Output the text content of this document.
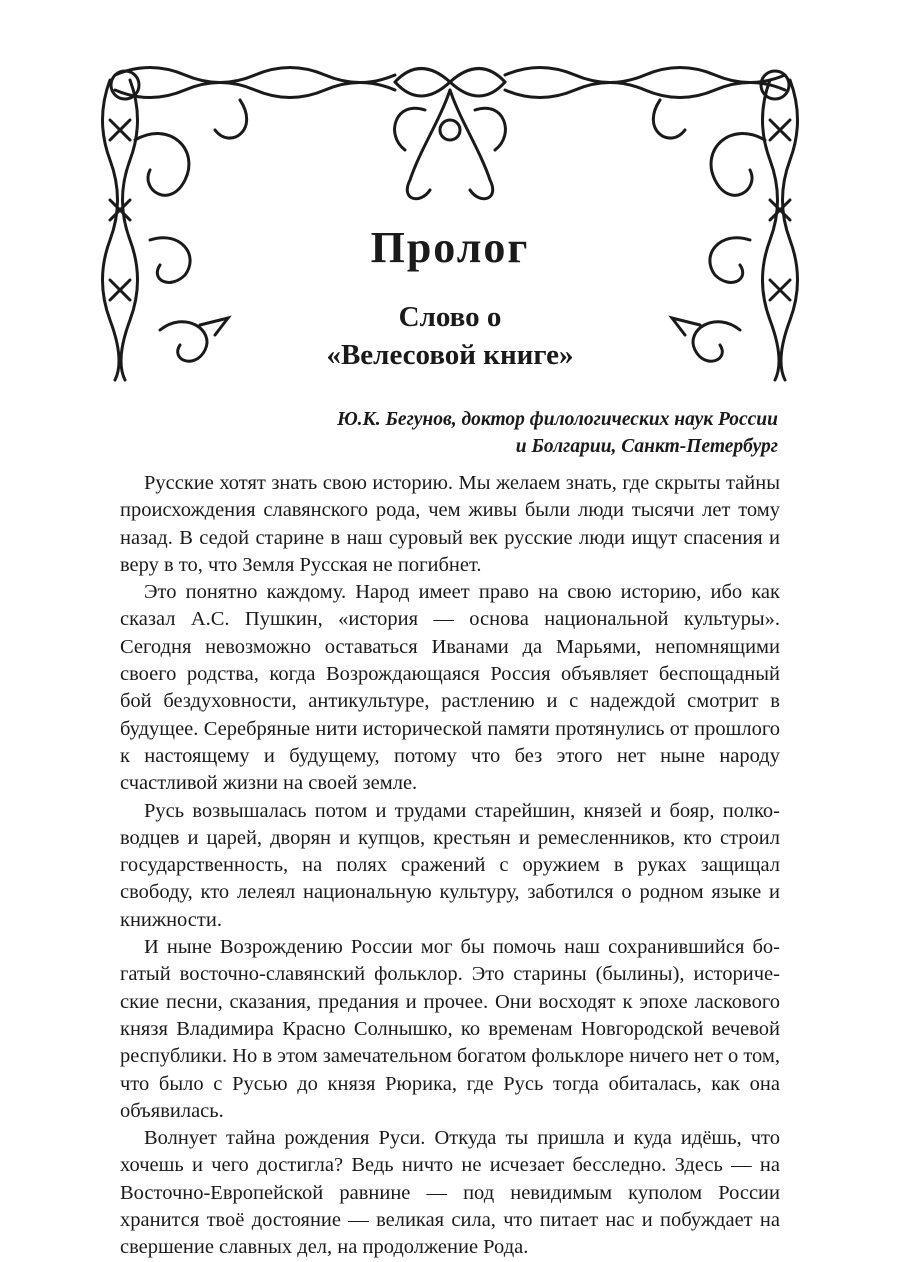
Пролог
Слово о
«Велесовой книге»
Ю.К. Бегунов, доктор филологических наук России
и Болгарии, Санкт-Петербург

Русские хотят знать свою историю. Мы желаем знать, где скрыты тайны происхождения славянского рода, чем живы были люди тысячи лет тому назад. В седой старине в наш суровый век русские люди ищут спасения и веру в то, что Земля Русская не погибнет.

Это понятно каждому. Народ имеет право на свою историю, ибо как сказал А.С. Пушкин, «история — основа национальной культуры». Сегодня невозможно оставаться Иванами да Марьями, непомнящими своего родства, когда Возрождающаяся Россия объявляет беспощадный бой бездуховности, антикультуре, растлению и с надеждой смотрит в будущее. Серебряные нити исторической памяти протянулись от прошлого к настоящему и будущему, потому что без этого нет ныне народу счастливой жизни на своей земле.

Русь возвышалась потом и трудами старейшин, князей и бояр, полководцев и царей, дворян и купцов, крестьян и ремесленников, кто строил государственность, на полях сражений с оружием в руках защищал свободу, кто лелеял национальную культуру, заботился о родном языке и книжности.

И ныне Возрождению России мог бы помочь наш сохранившийся богатый восточно-славянский фольклор. Это старины (былины), исторические песни, сказания, предания и прочее. Они восходят к эпохе ласкового князя Владимира Красно Солнышко, ко временам Новгородской вечевой республики. Но в этом замечательном богатом фольклоре ничего нет о том, что было с Русью до князя Рюрика, где Русь тогда обиталась, как она объявилась.

Волнует тайна рождения Руси. Откуда ты пришла и куда идёшь, что хочешь и чего достигла? Ведь ничто не исчезает бесследно. Здесь — на Восточно-Европейской равнине — под невидимым куполом России хранится твоё достояние — великая сила, что питает нас и побуждает на свершение славных дел, на продолжение Рода.
